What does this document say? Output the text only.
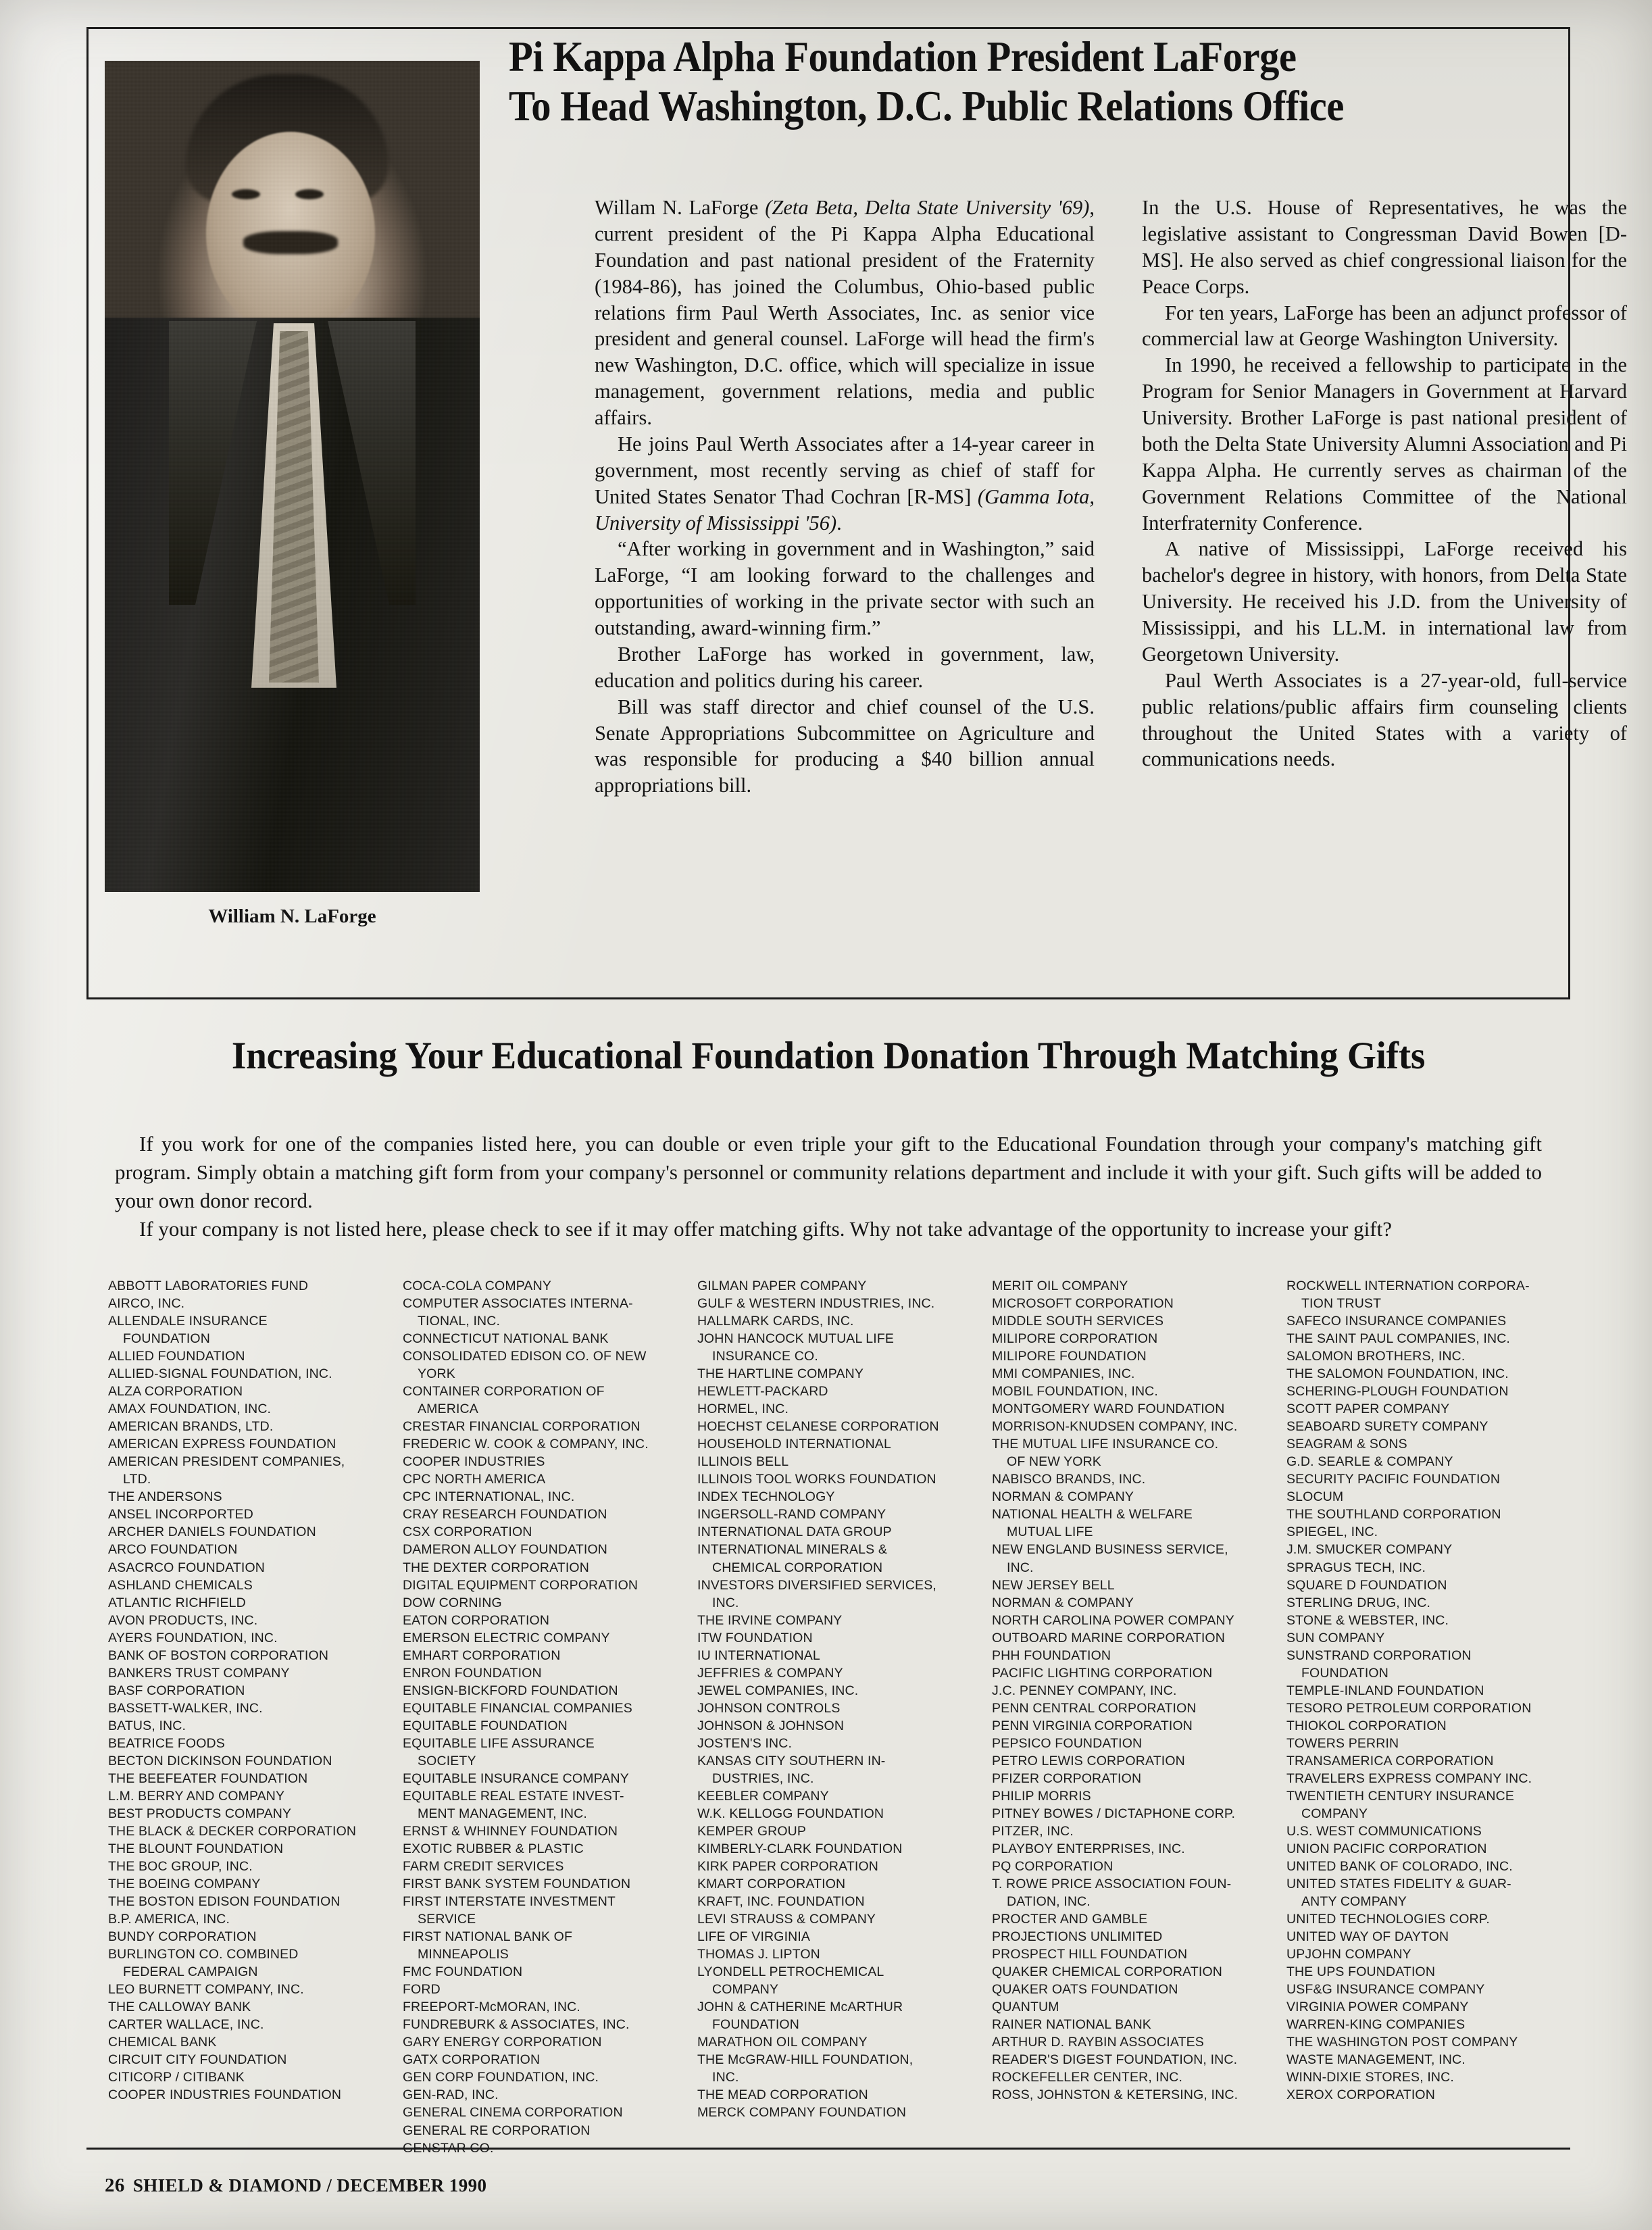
Pi Kappa Alpha Foundation President LaForge
To Head Washington, D.C. Public Relations Office
William N. LaForge

Willam N. LaForge (Zeta Beta, Delta State University '69), current president of the Pi Kappa Alpha Educational Foundation and past national president of the Fraternity (1984-86), has joined the Columbus, Ohio-based public relations firm Paul Werth Associates, Inc. as senior vice president and general counsel. LaForge will head the firm's new Washington, D.C. office, which will specialize in issue management, government relations, media and public affairs.

He joins Paul Werth Associates after a 14-year career in government, most recently serving as chief of staff for United States Senator Thad Cochran [R-MS] (Gamma Iota, University of Mississippi '56).

“After working in government and in Washington,” said LaForge, “I am looking forward to the challenges and opportunities of working in the private sector with such an outstanding, award-winning firm.”

Brother LaForge has worked in government, law, education and politics during his career.

Bill was staff director and chief counsel of the U.S. Senate Appropriations Subcommittee on Agriculture and was responsible for producing a $40 billion annual appropriations bill.

In the U.S. House of Representatives, he was the legislative assistant to Congressman David Bowen [D-MS]. He also served as chief congressional liaison for the Peace Corps.

For ten years, LaForge has been an adjunct professor of commercial law at George Washington University.

In 1990, he received a fellowship to participate in the Program for Senior Managers in Government at Harvard University. Brother LaForge is past national president of both the Delta State University Alumni Association and Pi Kappa Alpha. He currently serves as chairman of the Government Relations Committee of the National Interfraternity Conference.

A native of Mississippi, LaForge received his bachelor's degree in history, with honors, from Delta State University. He received his J.D. from the University of Mississippi, and his LL.M. in international law from Georgetown University.

Paul Werth Associates is a 27-year-old, full-service public relations/public affairs firm counseling clients throughout the United States with a variety of communications needs.

Increasing Your Educational Foundation Donation Through Matching Gifts

If you work for one of the companies listed here, you can double or even triple your gift to the Educational Foundation through your company's matching gift program. Simply obtain a matching gift form from your company's personnel or community relations department and include it with your gift. Such gifts will be added to your own donor record.

If your company is not listed here, please check to see if it may offer matching gifts. Why not take advantage of the opportunity to increase your gift?

ABBOTT LABORATORIES FUND
AIRCO, INC.
ALLENDALE INSURANCE
FOUNDATION
ALLIED FOUNDATION
ALLIED-SIGNAL FOUNDATION, INC.
ALZA CORPORATION
AMAX FOUNDATION, INC.
AMERICAN BRANDS, LTD.
AMERICAN EXPRESS FOUNDATION
AMERICAN PRESIDENT COMPANIES,
LTD.
THE ANDERSONS
ANSEL INCORPORTED
ARCHER DANIELS FOUNDATION
ARCO FOUNDATION
ASACRCO FOUNDATION
ASHLAND CHEMICALS
ATLANTIC RICHFIELD
AVON PRODUCTS, INC.
AYERS FOUNDATION, INC.
BANK OF BOSTON CORPORATION
BANKERS TRUST COMPANY
BASF CORPORATION
BASSETT-WALKER, INC.
BATUS, INC.
BEATRICE FOODS
BECTON DICKINSON FOUNDATION
THE BEEFEATER FOUNDATION
L.M. BERRY AND COMPANY
BEST PRODUCTS COMPANY
THE BLACK & DECKER CORPORATION
THE BLOUNT FOUNDATION
THE BOC GROUP, INC.
THE BOEING COMPANY
THE BOSTON EDISON FOUNDATION
B.P. AMERICA, INC.
BUNDY CORPORATION
BURLINGTON CO. COMBINED
FEDERAL CAMPAIGN
LEO BURNETT COMPANY, INC.
THE CALLOWAY BANK
CARTER WALLACE, INC.
CHEMICAL BANK
CIRCUIT CITY FOUNDATION
CITICORP / CITIBANK
COOPER INDUSTRIES FOUNDATION
COCA-COLA COMPANY
COMPUTER ASSOCIATES INTERNA-
TIONAL, INC.
CONNECTICUT NATIONAL BANK
CONSOLIDATED EDISON CO. OF NEW
YORK
CONTAINER CORPORATION OF
AMERICA
CRESTAR FINANCIAL CORPORATION
FREDERIC W. COOK & COMPANY, INC.
COOPER INDUSTRIES
CPC NORTH AMERICA
CPC INTERNATIONAL, INC.
CRAY RESEARCH FOUNDATION
CSX CORPORATION
DAMERON ALLOY FOUNDATION
THE DEXTER CORPORATION
DIGITAL EQUIPMENT CORPORATION
DOW CORNING
EATON CORPORATION
EMERSON ELECTRIC COMPANY
EMHART CORPORATION
ENRON FOUNDATION
ENSIGN-BICKFORD FOUNDATION
EQUITABLE FINANCIAL COMPANIES
EQUITABLE FOUNDATION
EQUITABLE LIFE ASSURANCE
SOCIETY
EQUITABLE INSURANCE COMPANY
EQUITABLE REAL ESTATE INVEST-
MENT MANAGEMENT, INC.
ERNST & WHINNEY FOUNDATION
EXOTIC RUBBER & PLASTIC
FARM CREDIT SERVICES
FIRST BANK SYSTEM FOUNDATION
FIRST INTERSTATE INVESTMENT
SERVICE
FIRST NATIONAL BANK OF
MINNEAPOLIS
FMC FOUNDATION
FORD
FREEPORT-McMORAN, INC.
FUNDREBURK & ASSOCIATES, INC.
GARY ENERGY CORPORATION
GATX CORPORATION
GEN CORP FOUNDATION, INC.
GEN-RAD, INC.
GENERAL CINEMA CORPORATION
GENERAL RE CORPORATION
GENSTAR CO.
GILMAN PAPER COMPANY
GULF & WESTERN INDUSTRIES, INC.
HALLMARK CARDS, INC.
JOHN HANCOCK MUTUAL LIFE
INSURANCE CO.
THE HARTLINE COMPANY
HEWLETT-PACKARD
HORMEL, INC.
HOECHST CELANESE CORPORATION
HOUSEHOLD INTERNATIONAL
ILLINOIS BELL
ILLINOIS TOOL WORKS FOUNDATION
INDEX TECHNOLOGY
INGERSOLL-RAND COMPANY
INTERNATIONAL DATA GROUP
INTERNATIONAL MINERALS &
CHEMICAL CORPORATION
INVESTORS DIVERSIFIED SERVICES,
INC.
THE IRVINE COMPANY
ITW FOUNDATION
IU INTERNATIONAL
JEFFRIES & COMPANY
JEWEL COMPANIES, INC.
JOHNSON CONTROLS
JOHNSON & JOHNSON
JOSTEN'S INC.
KANSAS CITY SOUTHERN IN-
DUSTRIES, INC.
KEEBLER COMPANY
W.K. KELLOGG FOUNDATION
KEMPER GROUP
KIMBERLY-CLARK FOUNDATION
KIRK PAPER CORPORATION
KMART CORPORATION
KRAFT, INC. FOUNDATION
LEVI STRAUSS & COMPANY
LIFE OF VIRGINIA
THOMAS J. LIPTON
LYONDELL PETROCHEMICAL
COMPANY
JOHN & CATHERINE McARTHUR
FOUNDATION
MARATHON OIL COMPANY
THE McGRAW-HILL FOUNDATION,
INC.
THE MEAD CORPORATION
MERCK COMPANY FOUNDATION
MERIT OIL COMPANY
MICROSOFT CORPORATION
MIDDLE SOUTH SERVICES
MILIPORE CORPORATION
MILIPORE FOUNDATION
MMI COMPANIES, INC.
MOBIL FOUNDATION, INC.
MONTGOMERY WARD FOUNDATION
MORRISON-KNUDSEN COMPANY, INC.
THE MUTUAL LIFE INSURANCE CO.
OF NEW YORK
NABISCO BRANDS, INC.
NORMAN & COMPANY
NATIONAL HEALTH & WELFARE
MUTUAL LIFE
NEW ENGLAND BUSINESS SERVICE,
INC.
NEW JERSEY BELL
NORMAN & COMPANY
NORTH CAROLINA POWER COMPANY
OUTBOARD MARINE CORPORATION
PHH FOUNDATION
PACIFIC LIGHTING CORPORATION
J.C. PENNEY COMPANY, INC.
PENN CENTRAL CORPORATION
PENN VIRGINIA CORPORATION
PEPSICO FOUNDATION
PETRO LEWIS CORPORATION
PFIZER CORPORATION
PHILIP MORRIS
PITNEY BOWES / DICTAPHONE CORP.
PITZER, INC.
PLAYBOY ENTERPRISES, INC.
PQ CORPORATION
T. ROWE PRICE ASSOCIATION FOUN-
DATION, INC.
PROCTER AND GAMBLE
PROJECTIONS UNLIMITED
PROSPECT HILL FOUNDATION
QUAKER CHEMICAL CORPORATION
QUAKER OATS FOUNDATION
QUANTUM
RAINER NATIONAL BANK
ARTHUR D. RAYBIN ASSOCIATES
READER'S DIGEST FOUNDATION, INC.
ROCKEFELLER CENTER, INC.
ROSS, JOHNSTON & KETERSING, INC.
ROCKWELL INTERNATION CORPORA-
TION TRUST
SAFECO INSURANCE COMPANIES
THE SAINT PAUL COMPANIES, INC.
SALOMON BROTHERS, INC.
THE SALOMON FOUNDATION, INC.
SCHERING-PLOUGH FOUNDATION
SCOTT PAPER COMPANY
SEABOARD SURETY COMPANY
SEAGRAM & SONS
G.D. SEARLE & COMPANY
SECURITY PACIFIC FOUNDATION
SLOCUM
THE SOUTHLAND CORPORATION
SPIEGEL, INC.
J.M. SMUCKER COMPANY
SPRAGUS TECH, INC.
SQUARE D FOUNDATION
STERLING DRUG, INC.
STONE & WEBSTER, INC.
SUN COMPANY
SUNSTRAND CORPORATION
FOUNDATION
TEMPLE-INLAND FOUNDATION
TESORO PETROLEUM CORPORATION
THIOKOL CORPORATION
TOWERS PERRIN
TRANSAMERICA CORPORATION
TRAVELERS EXPRESS COMPANY INC.
TWENTIETH CENTURY INSURANCE
COMPANY
U.S. WEST COMMUNICATIONS
UNION PACIFIC CORPORATION
UNITED BANK OF COLORADO, INC.
UNITED STATES FIDELITY & GUAR-
ANTY COMPANY
UNITED TECHNOLOGIES CORP.
UNITED WAY OF DAYTON
UPJOHN COMPANY
THE UPS FOUNDATION
USF&G INSURANCE COMPANY
VIRGINIA POWER COMPANY
WARREN-KING COMPANIES
THE WASHINGTON POST COMPANY
WASTE MANAGEMENT, INC.
WINN-DIXIE STORES, INC.
XEROX CORPORATION
26 SHIELD & DIAMOND / DECEMBER 1990
